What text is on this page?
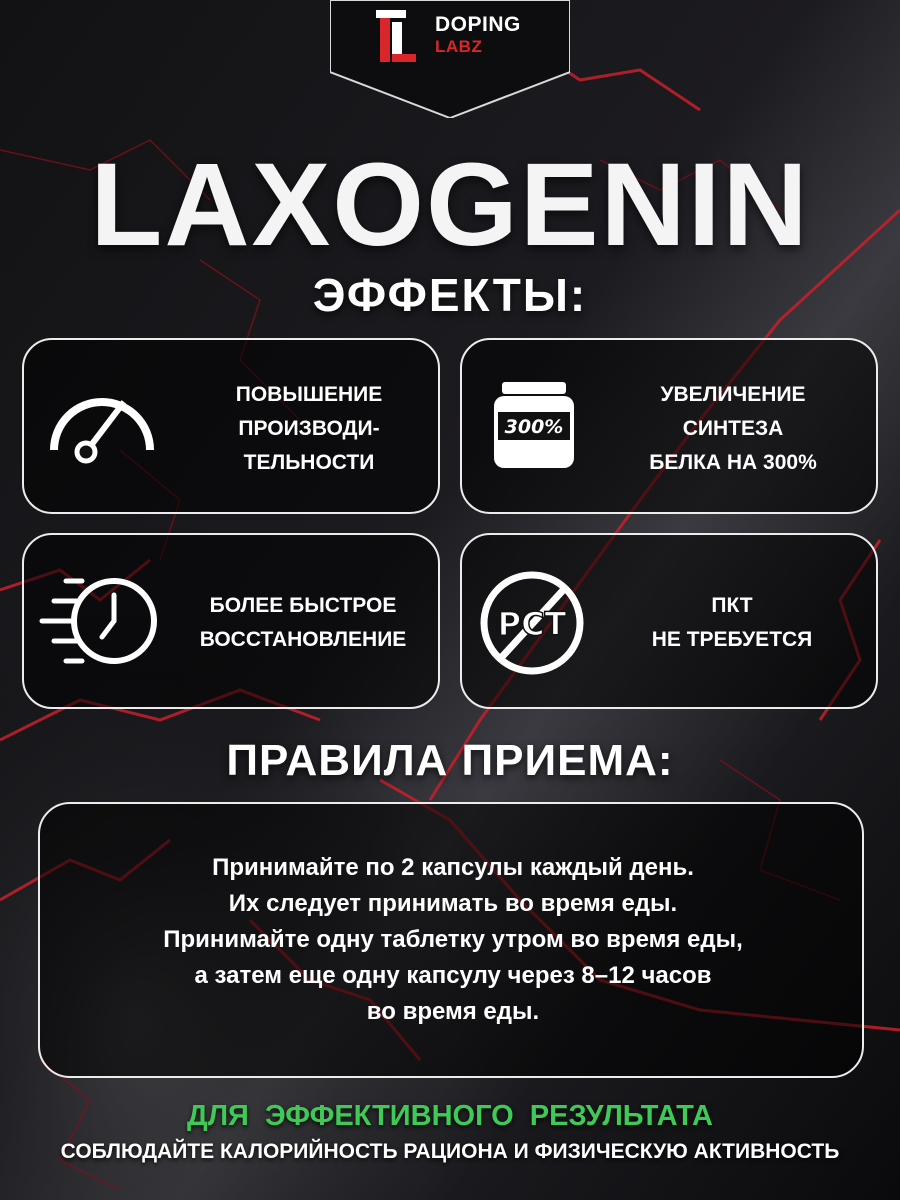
DOPING
LABZ
LAXOGENIN
ЭФФЕКТЫ:
ПОВЫШЕНИЕ
ПРОИЗВОДИ-
ТЕЛЬНОСТИ
300%
УВЕЛИЧЕНИЕ
СИНТЕЗА
БЕЛКА НА 300%
БОЛЕЕ БЫСТРОЕ
ВОССТАНОВЛЕНИЕ	PCT	ПКТ
НЕ ТРЕБУЕТСЯ
ПРАВИЛА ПРИЕМА:
Принимайте по 2 капсулы каждый день.
Их следует принимать во время еды.
Принимайте одну таблетку утром во время еды,
а затем еще одну капсулу через 8–12 часов
во время еды.
ДЛЯ ЭФФЕКТИВНОГО РЕЗУЛЬТАТА
СОБЛЮДАЙТЕ КАЛОРИЙНОСТЬ РАЦИОНА И ФИЗИЧЕСКУЮ АКТИВНОСТЬ
